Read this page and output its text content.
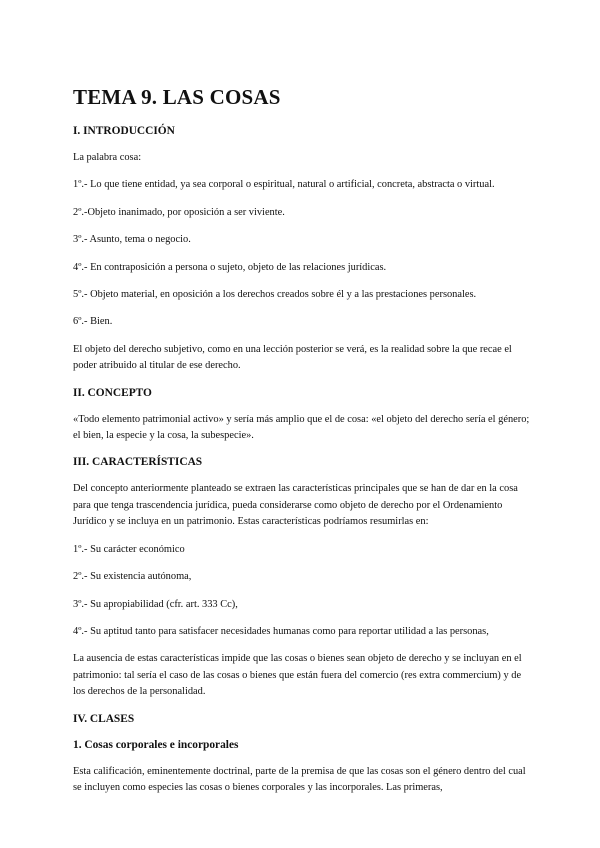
TEMA 9. LAS COSAS
I. INTRODUCCIÓN

La palabra cosa:

1º.- Lo que tiene entidad, ya sea corporal o espiritual, natural o artificial, concreta, abstracta o virtual.

2º.-Objeto inanimado, por oposición a ser viviente.

3º.- Asunto, tema o negocio.

4º.- En contraposición a persona o sujeto, objeto de las relaciones jurídicas.

5º.- Objeto material, en oposición a los derechos creados sobre él y a las prestaciones personales.

6º.- Bien.

El objeto del derecho subjetivo, como en una lección posterior se verá, es la realidad sobre la que recae el poder atribuido al titular de ese derecho.

II. CONCEPTO

«Todo elemento patrimonial activo» y sería más amplio que el de cosa: «el objeto del derecho sería el género; el bien, la especie y la cosa, la subespecie».

III. CARACTERÍSTICAS

Del concepto anteriormente planteado se extraen las características principales que se han de dar en la cosa para que tenga trascendencia jurídica, pueda considerarse como objeto de derecho por el Ordenamiento Jurídico y se incluya en un patrimonio. Estas características podríamos resumirlas en:

1º.- Su carácter económico

2º.- Su existencia autónoma,

3º.- Su apropiabilidad (cfr. art. 333 Cc),

4º.- Su aptitud tanto para satisfacer necesidades humanas como para reportar utilidad a las personas,

La ausencia de estas características impide que las cosas o bienes sean objeto de derecho y se incluyan en el patrimonio: tal sería el caso de las cosas o bienes que están fuera del comercio (res extra commercium) y de los derechos de la personalidad.

IV. CLASES
1. Cosas corporales e incorporales

Esta calificación, eminentemente doctrinal, parte de la premisa de que las cosas son el género dentro del cual se incluyen como especies las cosas o bienes corporales y las incorporales. Las primeras,
